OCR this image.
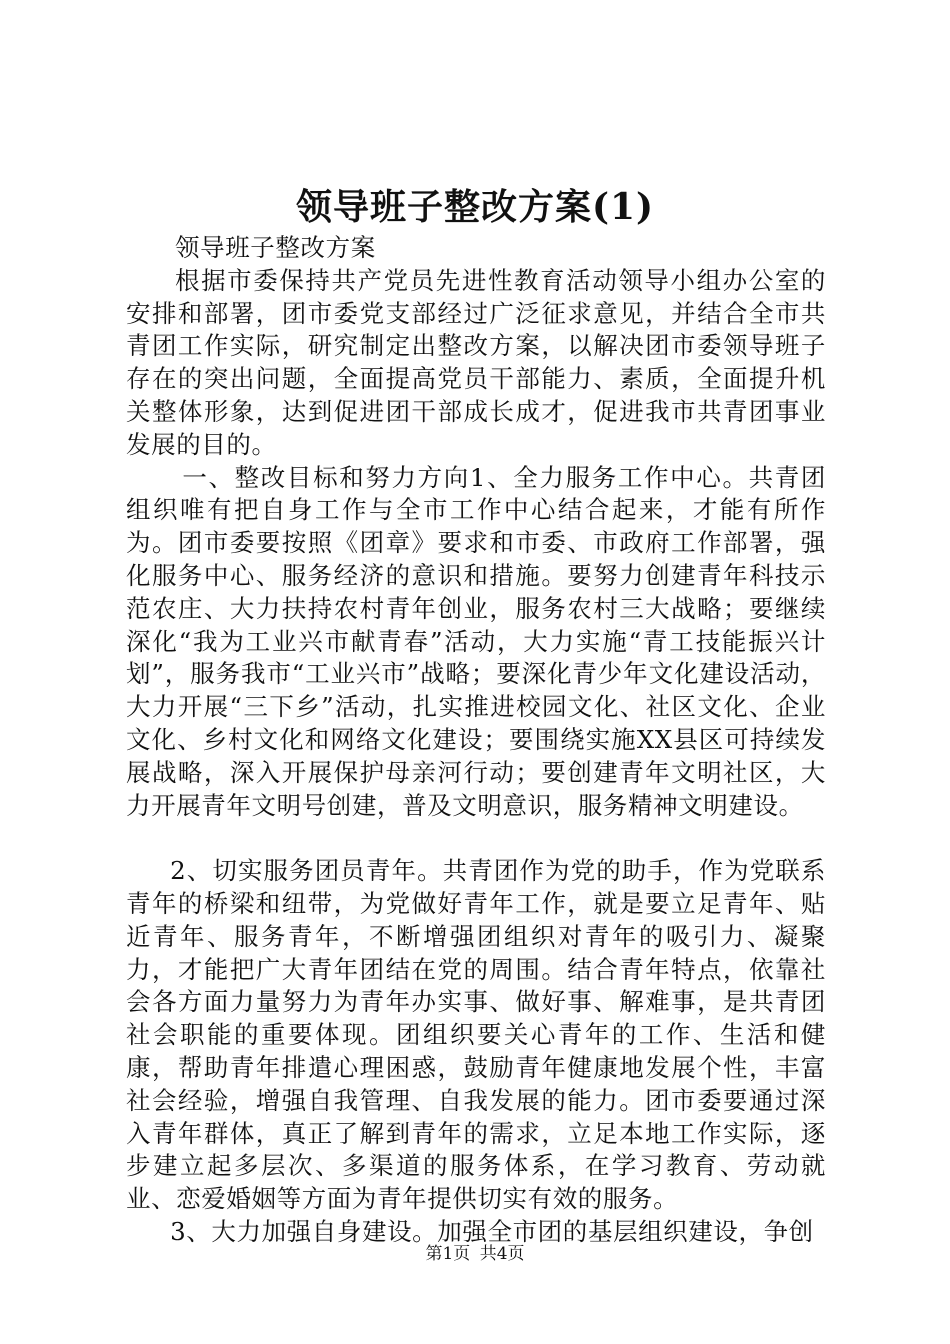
领导班子整改方案(1)

领导班子整改方案

根据市委保持共产党员先进性教育活动领导小组办公室的安排和部署，团市委党支部经过广泛征求意见，并结合全市共青团工作实际，研究制定出整改方案，以解决团市委领导班子存在的突出问题，全面提高党员干部能力、素质，全面提升机关整体形象，达到促进团干部成长成才，促进我市共青团事业发展的目的。

一、整改目标和努力方向1、全力服务工作中心。共青团组织唯有把自身工作与全市工作中心结合起来，才能有所作为。团市委要按照《团章》要求和市委、市政府工作部署，强化服务中心、服务经济的意识和措施。要努力创建青年科技示范农庄、大力扶持农村青年创业，服务农村三大战略；要继续深化“我为工业兴市献青春”活动，大力实施“青工技能振兴计划”，服务我市“工业兴市”战略；要深化青少年文化建设活动，大力开展“三下乡”活动，扎实推进校园文化、社区文化、企业文化、乡村文化和网络文化建设；要围绕实施XX县区可持续发展战略，深入开展保护母亲河行动；要创建青年文明社区，大力开展青年文明号创建，普及文明意识，服务精神文明建设。

2、切实服务团员青年。共青团作为党的助手，作为党联系青年的桥梁和纽带，为党做好青年工作，就是要立足青年、贴近青年、服务青年，不断增强团组织对青年的吸引力、凝聚力，才能把广大青年团结在党的周围。结合青年特点，依靠社会各方面力量努力为青年办实事、做好事、解难事，是共青团社会职能的重要体现。团组织要关心青年的工作、生活和健康，帮助青年排遣心理困惑，鼓励青年健康地发展个性，丰富社会经验，增强自我管理、自我发展的能力。团市委要通过深入青年群体，真正了解到青年的需求，立足本地工作实际，逐步建立起多层次、多渠道的服务体系，在学习教育、劳动就业、恋爱婚姻等方面为青年提供切实有效的服务。

3、大力加强自身建设。加强全市团的基层组织建设，争创

第1页 共4页
